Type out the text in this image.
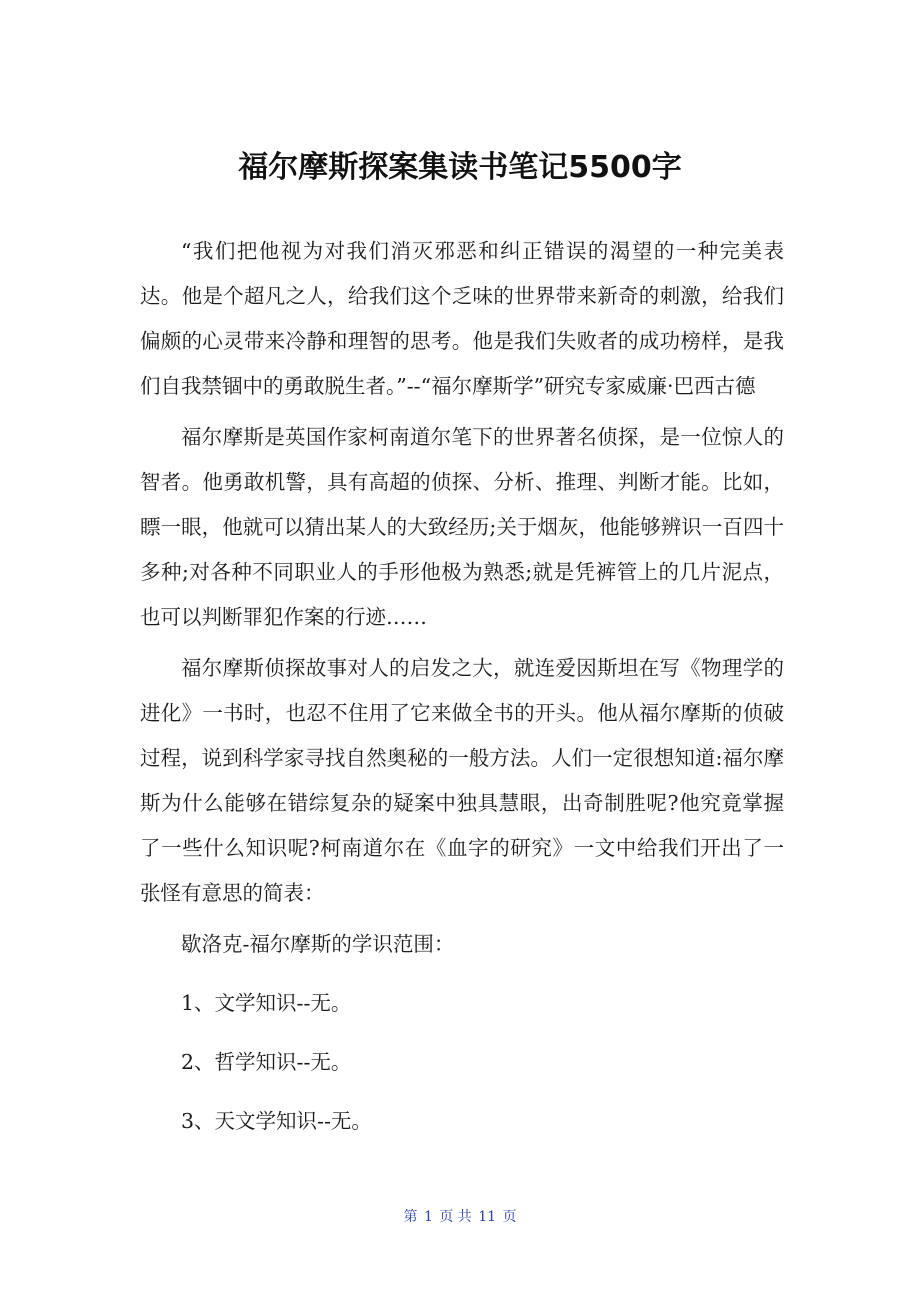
福尔摩斯探案集读书笔记5500字

“我们把他视为对我们消灭邪恶和纠正错误的渴望的一种完美表达。他是个超凡之人，给我们这个乏味的世界带来新奇的刺激，给我们偏颇的心灵带来冷静和理智的思考。他是我们失败者的成功榜样，是我们自我禁锢中的勇敢脱生者。”--“福尔摩斯学”研究专家威廉·巴西古德

福尔摩斯是英国作家柯南道尔笔下的世界著名侦探，是一位惊人的智者。他勇敢机警，具有高超的侦探、分析、推理、判断才能。比如，瞟一眼，他就可以猜出某人的大致经历;关于烟灰，他能够辨识一百四十多种;对各种不同职业人的手形他极为熟悉;就是凭裤管上的几片泥点，也可以判断罪犯作案的行迹……

福尔摩斯侦探故事对人的启发之大，就连爱因斯坦在写《物理学的进化》一书时，也忍不住用了它来做全书的开头。他从福尔摩斯的侦破过程，说到科学家寻找自然奥秘的一般方法。人们一定很想知道:福尔摩斯为什么能够在错综复杂的疑案中独具慧眼，出奇制胜呢?他究竟掌握了一些什么知识呢?柯南道尔在《血字的研究》一文中给我们开出了一张怪有意思的简表：

歇洛克-福尔摩斯的学识范围：

1、文学知识--无。

2、哲学知识--无。

3、天文学知识--无。

第 1 页 共 11 页
